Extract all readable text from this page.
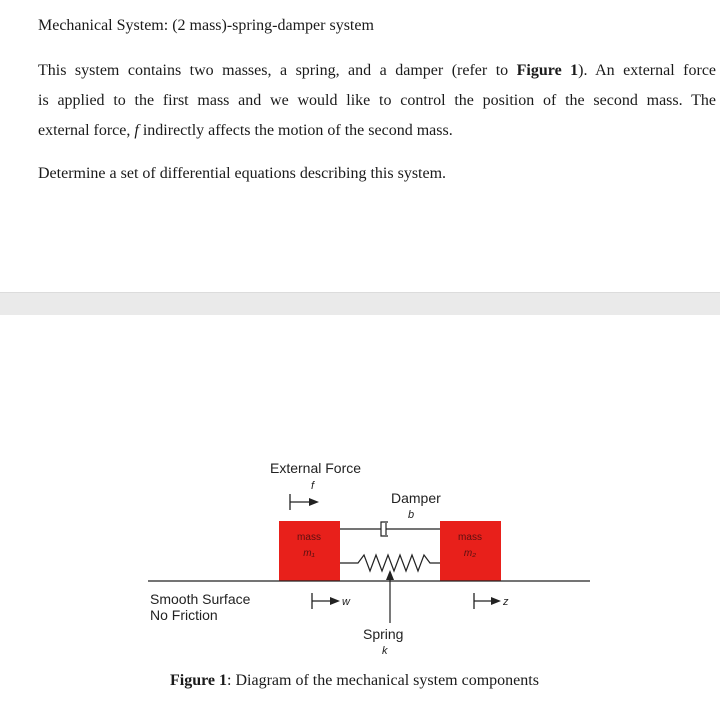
Mechanical System: (2 mass)-spring-damper system
This system contains two masses, a spring, and a damper (refer to Figure 1). An external force
is applied to the first mass and we would like to control the position of the second mass. The
external force, f indirectly affects the motion of the second mass.
Determine a set of differential equations describing this system.
External Force
f
Damper
b
mass
m₁
mass
m₂
Smooth Surface
No Friction
w	z
Spring
k
Figure 1: Diagram of the mechanical system components
